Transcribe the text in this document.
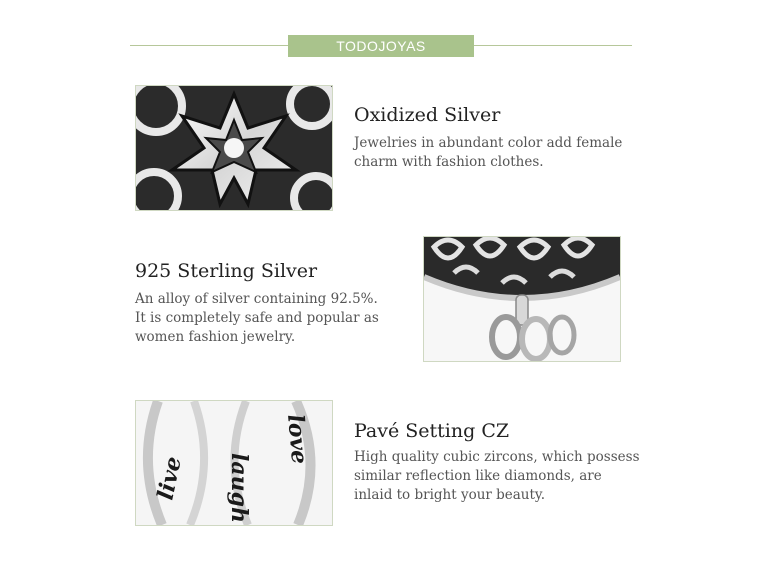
TODOJOYAS
Oxidized Silver
Jewelries in abundant color add female
charm with fashion clothes.
925 Sterling Silver
An alloy of silver containing 92.5%.
It is completely safe and popular as
women fashion jewelry.
live laugh
love Pavé Setting CZ
High quality cubic zircons, which possess
similar reflection like diamonds, are
inlaid to bright your beauty.
